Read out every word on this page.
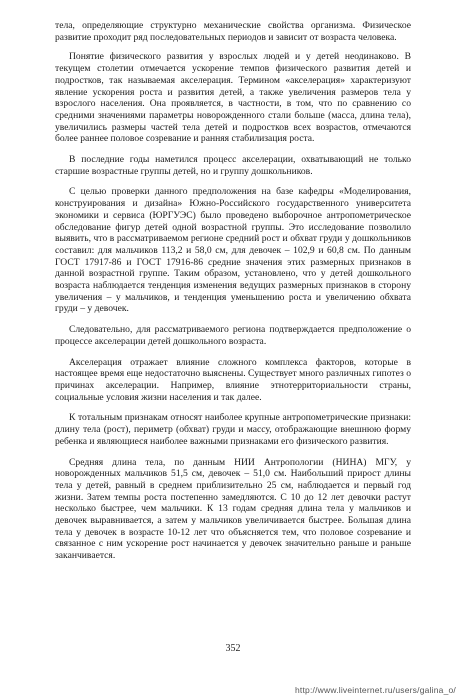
тела, определяющие структурно механические свойства организма. Физическое развитие проходит ряд последовательных периодов и зависит от возраста человека.

Понятие физического развития у взрослых людей и у детей неодинаково. В текущем столетии отмечается ускорение темпов физического развития детей и подростков, так называемая акселерация. Термином «акселерация» характеризуют явление ускорения роста и развития детей, а также увеличения размеров тела у взрослого населения. Она проявляется, в частности, в том, что по сравнению со средними значениями параметры новорожденного стали больше (масса, длина тела), увеличились размеры частей тела детей и подростков всех возрастов, отмечаются более раннее половое созревание и ранняя стабилизация роста.

В последние годы наметился процесс акселерации, охватывающий не только старшие возрастные группы детей, но и группу дошкольников.

С целью проверки данного предположения на базе кафедры «Моделирования, конструирования и дизайна» Южно-Российского государственного университета экономики и сервиса (ЮРГУЭС) было проведено выборочное антропометрическое обследование фигур детей одной возрастной группы. Это исследование позволило выявить, что в рассматриваемом регионе средний рост и обхват груди у дошкольников составил: для мальчиков 113,2 и 58,0 см, для девочек – 102,9 и 60,8 см. По данным ГОСТ 17917-86 и ГОСТ 17916-86 средние значения этих размерных признаков в данной возрастной группе. Таким образом, установлено, что у детей дошкольного возраста наблюдается тенденция изменения ведущих размерных признаков в сторону увеличения – у мальчиков, и тенденция уменьшению роста и увеличению обхвата груди – у девочек.

Следовательно, для рассматриваемого региона подтверждается предположение о процессе акселерации детей дошкольного возраста.

Акселерация отражает влияние сложного комплекса факторов, которые в настоящее время еще недостаточно выяснены. Существует много различных гипотез о причинах акселерации. Например, влияние этнотерриториальности страны, социальные условия жизни населения и так далее.

К тотальным признакам относят наиболее крупные антропометрические признаки: длину тела (рост), периметр (обхват) груди и массу, отображающие внешнюю форму ребенка и являющиеся наиболее важными признаками его физического развития.

Средняя длина тела, по данным НИИ Антропологии (НИНА) МГУ, у новорожденных мальчиков 51,5 см, девочек – 51,0 см. Наибольший прирост длины тела у детей, равный в среднем приблизительно 25 см, наблюдается и первый год жизни. Затем темпы роста постепенно замедляются. С 10 до 12 лет девочки растут несколько быстрее, чем мальчики. К 13 годам средняя длина тела у мальчиков и девочек выравнивается, а затем у мальчиков увеличивается быстрее. Большая длина тела у девочек в возрасте 10-12 лет что объясняется тем, что половое созревание и связанное с ним ускорение рост начинается у девочек значительно раньше и раньше заканчивается.

352
http://www.liveinternet.ru/users/galina_o/
